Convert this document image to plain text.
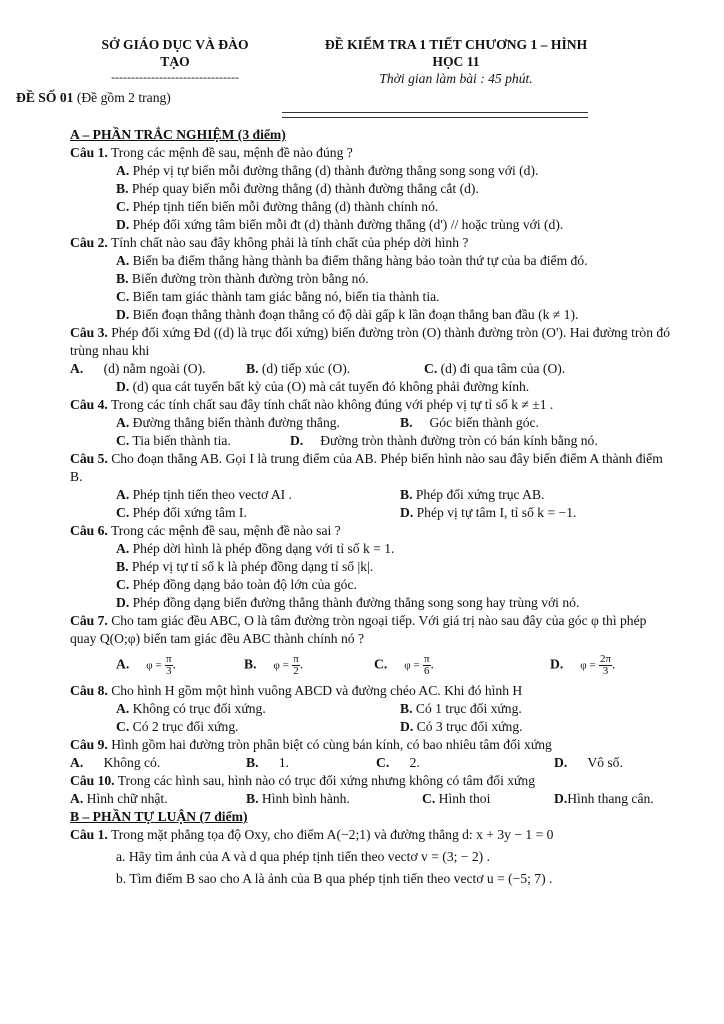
SỞ GIÁO DỤC VÀ ĐÀO
TẠO
--------------------------------
ĐỀ KIỂM TRA 1 TIẾT CHƯƠNG 1 – HÌNH
HỌC 11
Thời gian làm bài : 45 phút.
ĐỀ SỐ 01 (Đề gồm 2 trang)
A – PHẦN TRẮC NGHIỆM (3 điểm)
Câu 1. Trong các mệnh đề sau, mệnh đề nào đúng ?
A. Phép vị tự biến mỗi đường thẳng (d) thành đường thẳng song song với (d).
B. Phép quay biến mỗi đường thẳng (d) thành đường thẳng cắt (d).
C. Phép tịnh tiến biến mỗi đường thẳng (d) thành chính nó.
D. Phép đối xứng tâm biến mỗi đt (d) thành đường thẳng (d') // hoặc trùng với (d).
Câu 2. Tính chất nào sau đây không phải là tính chất của phép dời hình ?
A. Biến ba điểm thẳng hàng thành ba điểm thẳng hàng bảo toàn thứ tự của ba điểm đó.
B. Biến đường tròn thành đường tròn bằng nó.
C. Biến tam giác thành tam giác bằng nó, biến tia thành tia.
D. Biến đoạn thẳng thành đoạn thẳng có độ dài gấp k lần đoạn thẳng ban đầu (k ≠ 1).
Câu 3. Phép đối xứng Đd ((d) là trục đối xứng) biến đường tròn (O) thành đường tròn (O'). Hai đường tròn đó trùng nhau khi
A. (d) nằm ngoài (O).	B. (d) tiếp xúc (O).	C. (d) đi qua tâm của (O).
D. (d) qua cát tuyến bất kỳ của (O) mà cát tuyến đó không phải đường kính.
Câu 4. Trong các tính chất sau đây tính chất nào không đúng với phép vị tự tỉ số k ≠ ±1 .
A. Đường thẳng biến thành đường thẳng.	B. Góc biến thành góc.
C. Tia biến thành tia.	D. Đường tròn thành đường tròn có bán kính bằng nó.
Câu 5. Cho đoạn thẳng AB. Gọi I là trung điểm của AB. Phép biến hình nào sau đây biến điểm A thành điểm B.
A. Phép tịnh tiến theo vectơ AI .	B. Phép đối xứng trục AB.
C. Phép đối xứng tâm I.	D. Phép vị tự tâm I, tỉ số k = −1.
Câu 6. Trong các mệnh đề sau, mệnh đề nào sai ?
A. Phép dời hình là phép đồng dạng với tỉ số k = 1.
B. Phép vị tự tỉ số k là phép đồng dạng tỉ số |k|.
C. Phép đồng dạng bảo toàn độ lớn của góc.
D. Phép đồng dạng biến đường thẳng thành đường thẳng song song hay trùng với nó.
Câu 7. Cho tam giác đều ABC, O là tâm đường tròn ngoại tiếp. Với giá trị nào sau đây của góc φ thì phép quay Q(O;φ) biến tam giác đều ABC thành chính nó ?
A. $\varphi = \frac{\pi}{3}$ .	B. $\varphi = \frac{\pi}{2}$ .	C. $\varphi = \frac{\pi}{6}$ .	D. $\varphi = \frac{2\pi}{3}$ .
Câu 8. Cho hình H gồm một hình vuông ABCD và đường chéo AC. Khi đó hình H
A. Không có trục đối xứng.	B. Có 1 trục đối xứng.
C. Có 2 trục đối xứng.	D. Có 3 trục đối xứng.
Câu 9. Hình gồm hai đường tròn phân biệt có cùng bán kính, có bao nhiêu tâm đối xứng
A. Không có.	B. 1.	C. 2.	D. Vô số.
Câu 10. Trong các hình sau, hình nào có trục đối xứng nhưng không có tâm đối xứng
A. Hình chữ nhật.	B. Hình bình hành.	C. Hình thoi	D.Hình thang cân.
B – PHẦN TỰ LUẬN (7 điểm)
Câu 1. Trong mặt phẳng tọa độ Oxy, cho điểm A(−2;1) và đường thẳng d: x + 3y − 1 = 0
a. Hãy tìm ảnh của A và d qua phép tịnh tiến theo vectơ v = (3; − 2) .
b. Tìm điểm B sao cho A là ảnh của B qua phép tịnh tiến theo vectơ u = (−5; 7) .
